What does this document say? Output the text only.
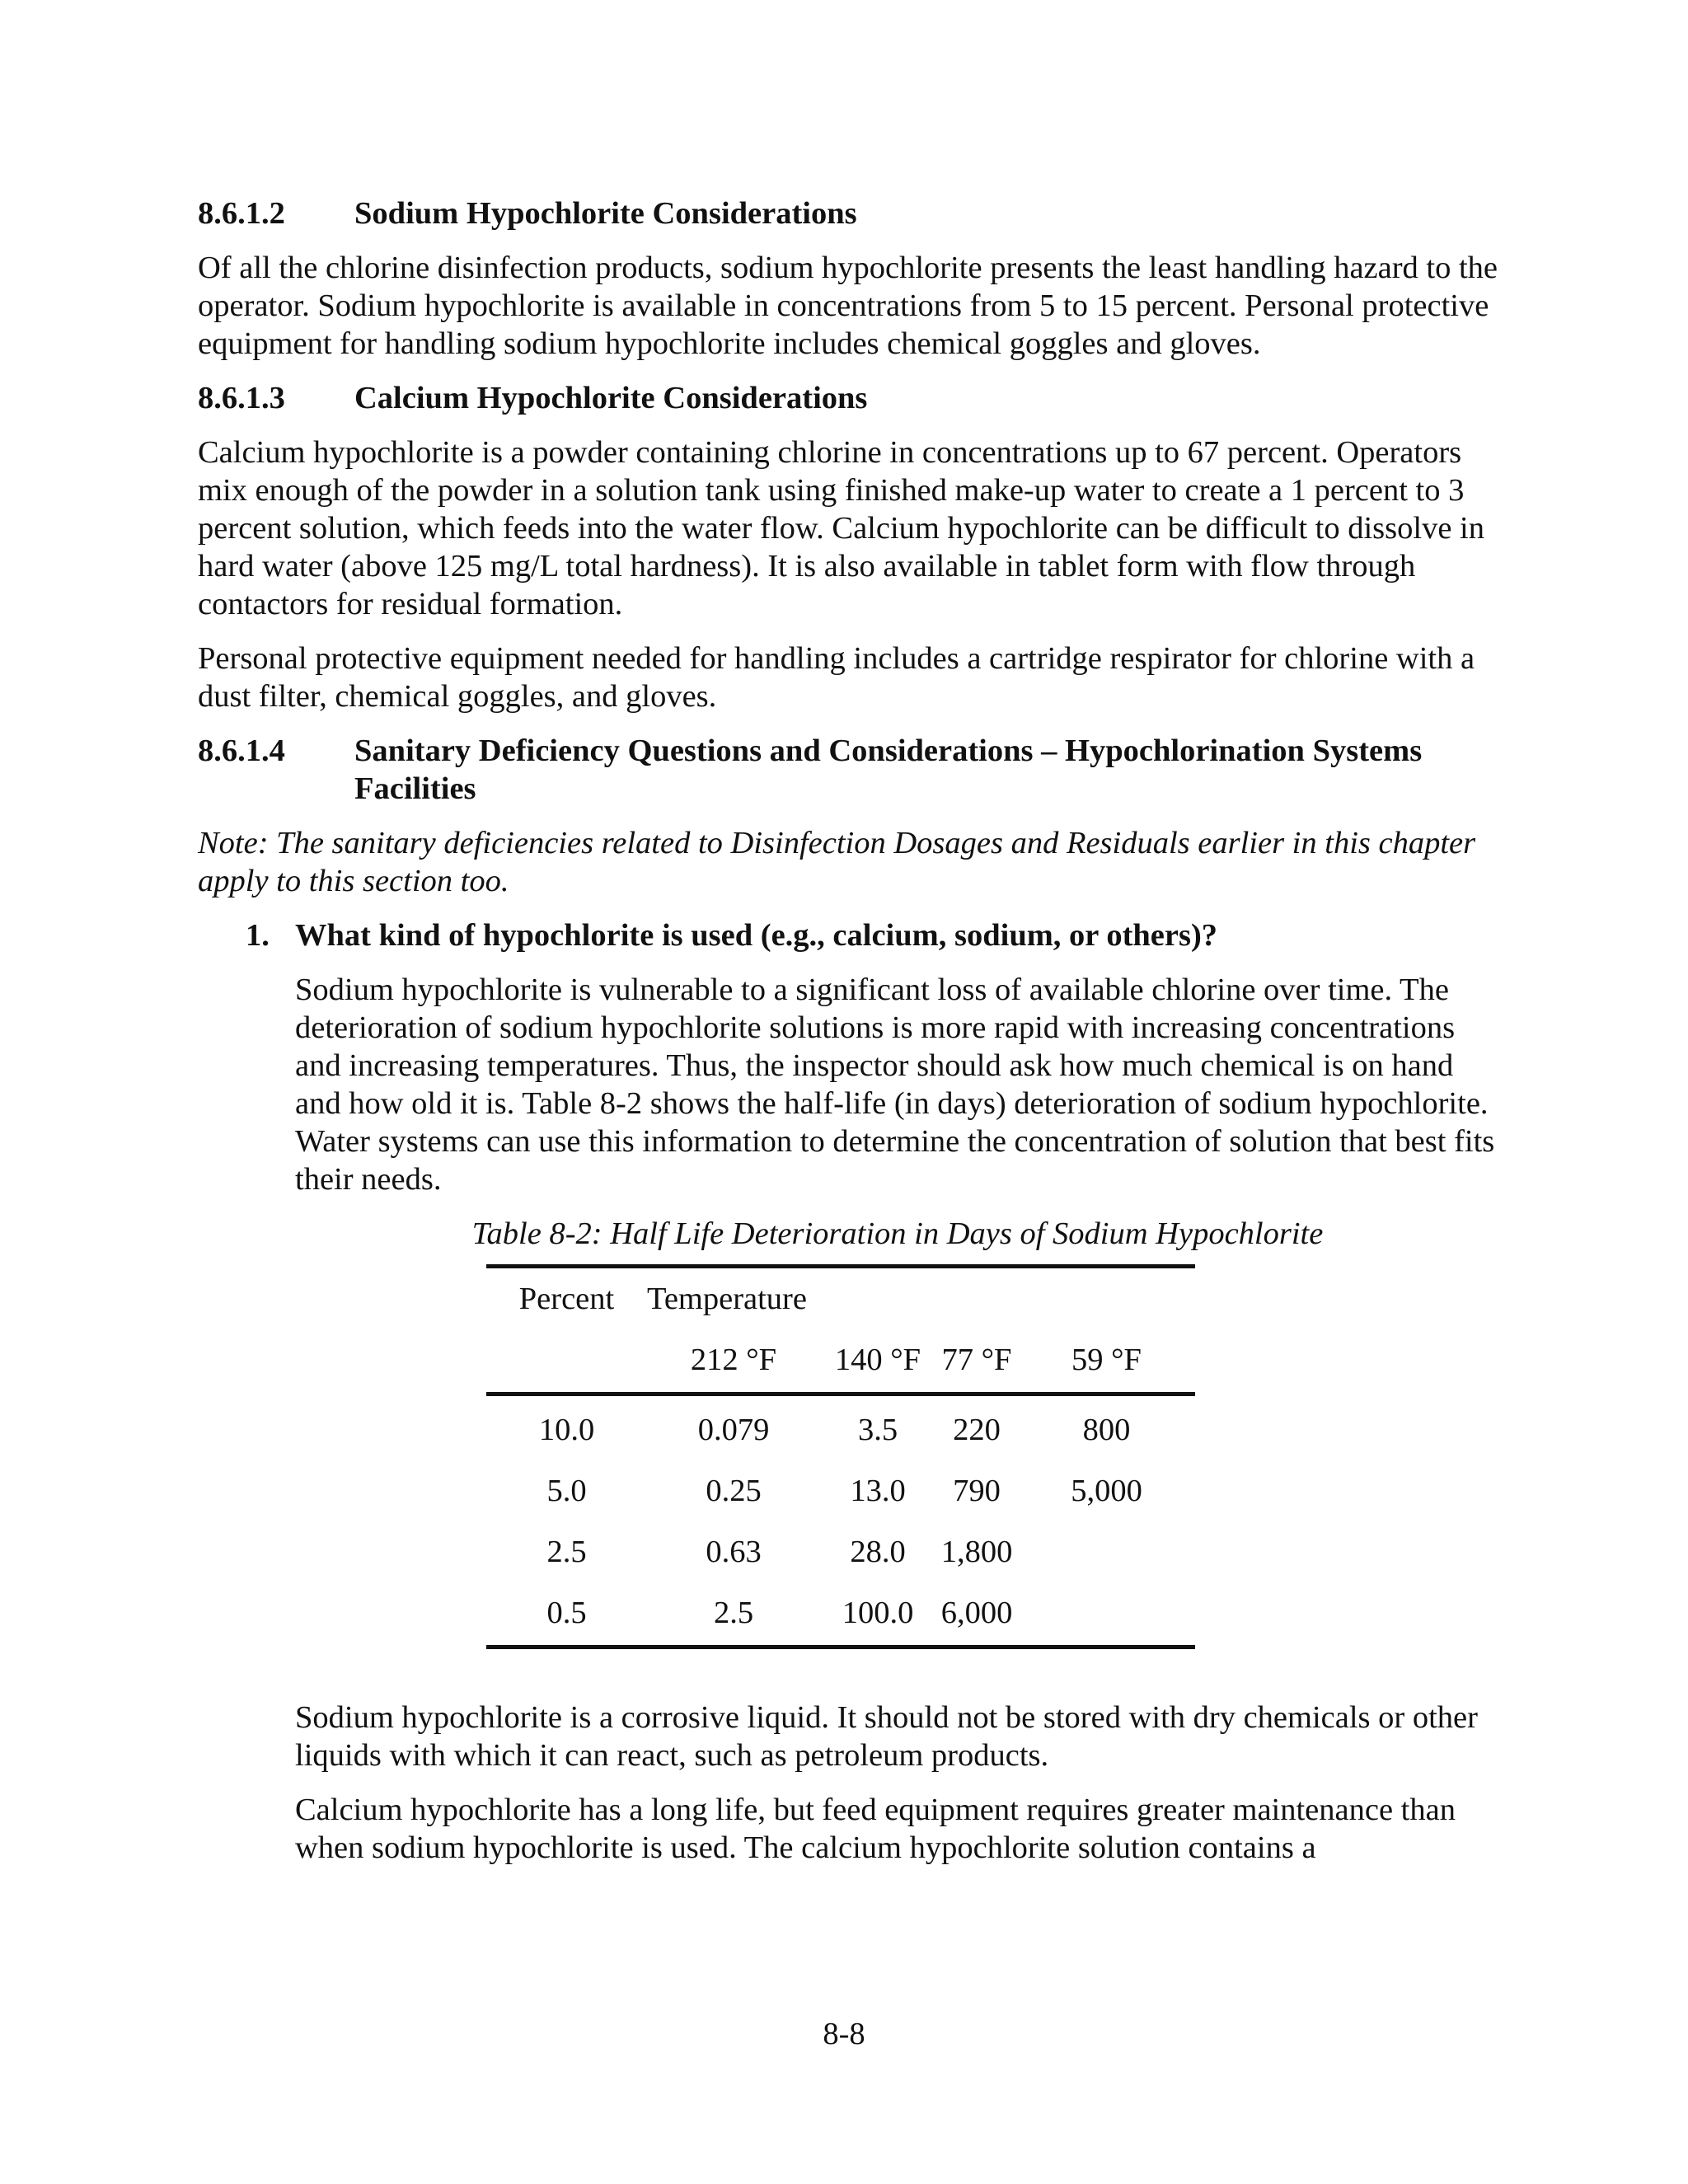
8.6.1.2	Sodium Hypochlorite Considerations

Of all the chlorine disinfection products, sodium hypochlorite presents the least handling hazard to the operator. Sodium hypochlorite is available in concentrations from 5 to 15 percent. Personal protective equipment for handling sodium hypochlorite includes chemical goggles and gloves.

8.6.1.3	Calcium Hypochlorite Considerations

Calcium hypochlorite is a powder containing chlorine in concentrations up to 67 percent. Operators mix enough of the powder in a solution tank using finished make-up water to create a 1 percent to 3 percent solution, which feeds into the water flow. Calcium hypochlorite can be difficult to dissolve in hard water (above 125 mg/L total hardness). It is also available in tablet form with flow through contactors for residual formation.

Personal protective equipment needed for handling includes a cartridge respirator for chlorine with a dust filter, chemical goggles, and gloves.

8.6.1.4	Sanitary Deficiency Questions and Considerations – Hypochlorination Systems Facilities

Note: The sanitary deficiencies related to Disinfection Dosages and Residuals earlier in this chapter apply to this section too.

1. What kind of hypochlorite is used (e.g., calcium, sodium, or others)?

Sodium hypochlorite is vulnerable to a significant loss of available chlorine over time. The deterioration of sodium hypochlorite solutions is more rapid with increasing concentrations and increasing temperatures. Thus, the inspector should ask how much chemical is on hand and how old it is. Table 8-2 shows the half-life (in days) deterioration of sodium hypochlorite. Water systems can use this information to determine the concentration of solution that best fits their needs.

Table 8-2: Half Life Deterioration in Days of Sodium Hypochlorite
Percent	Temperature			
	212 °F	140 °F	77 °F	59 °F
10.0	0.079	3.5	220	800
5.0	0.25	13.0	790	5,000
2.5	0.63	28.0	1,800	
0.5	2.5	100.0	6,000	

Sodium hypochlorite is a corrosive liquid. It should not be stored with dry chemicals or other liquids with which it can react, such as petroleum products.

Calcium hypochlorite has a long life, but feed equipment requires greater maintenance than when sodium hypochlorite is used. The calcium hypochlorite solution contains a

8-8
